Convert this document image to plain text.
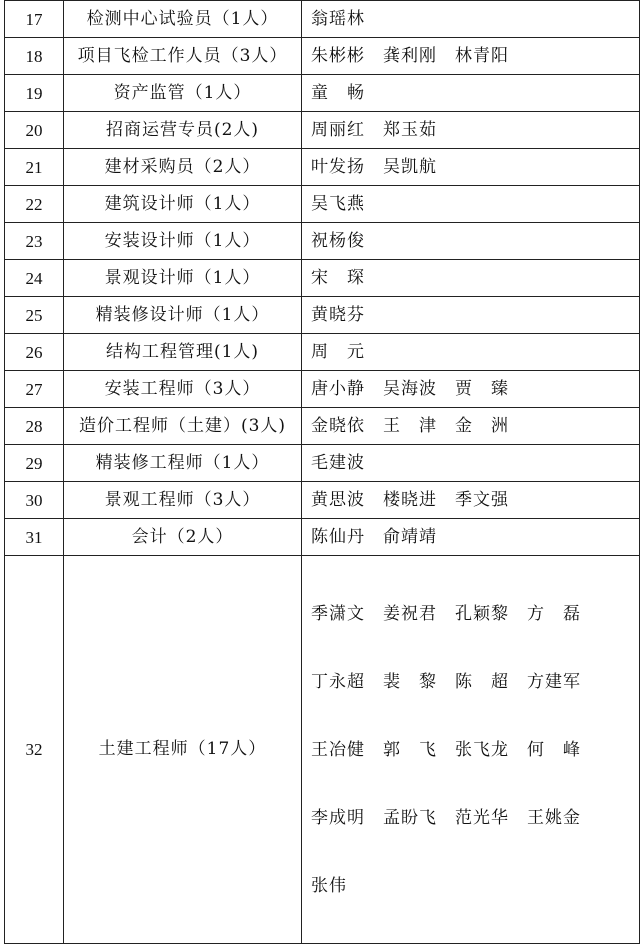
17	检测中心试验员（1人）	翁瑶林
18	项目飞检工作人员（3人）	朱彬彬　龚利刚　林青阳
19	资产监管（1人）	童　畅
20	招商运营专员(2人)	周丽红　郑玉茹
21	建材采购员（2人）	叶发扬　吴凯航
22	建筑设计师（1人）	吴飞燕
23	安装设计师（1人）	祝杨俊
24	景观设计师（1人）	宋　琛
25	精装修设计师（1人）	黄晓芬
26	结构工程管理(1人)	周　元
27	安装工程师（3人）	唐小静　吴海波　贾　臻
28	造价工程师（土建）(3人)	金晓依　王　津　金　洲
29	精装修工程师（1人）	毛建波
30	景观工程师（3人）	黄思波　楼晓进　季文强
31	会计（2人）	陈仙丹　俞靖靖
32	土建工程师（17人）	季潇文　姜祝君　孔颖黎　方　磊

丁永超　裴　黎　陈　超　方建军

王冶健　郭　飞　张飞龙　何　峰

李成明　孟盼飞　范光华　王姚金

张伟
